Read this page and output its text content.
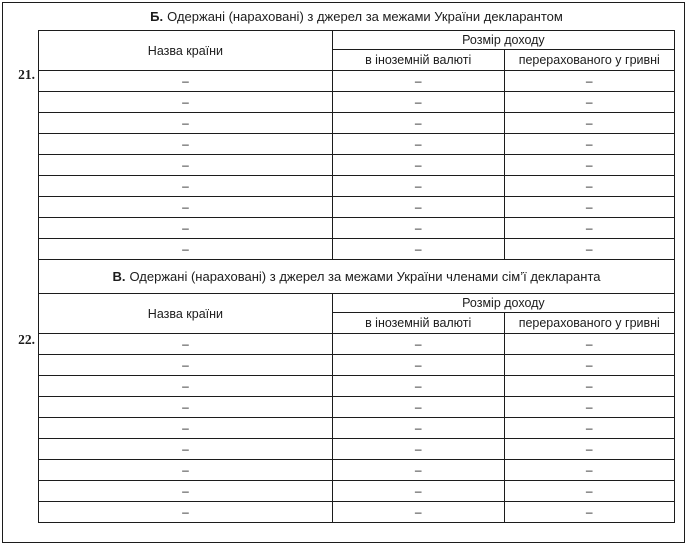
Б. Одержані (нараховані) з джерел за межами України декларантом
21.
22.
Назва країни	Розмір доходу	
	в іноземній валюті	перерахованого у гривні
–	–	–
–	–	–
–	–	–
–	–	–
–	–	–
–	–	–
–	–	–
–	–	–
–	–	–
В. Одержані (нараховані) з джерел за межами України членами сім’ї декларанта
Назва країни	Розмір доходу	
	в іноземній валюті	перерахованого у гривні
–	–	–
–	–	–
–	–	–
–	–	–
–	–	–
–	–	–
–	–	–
–	–	–
–	–	–
